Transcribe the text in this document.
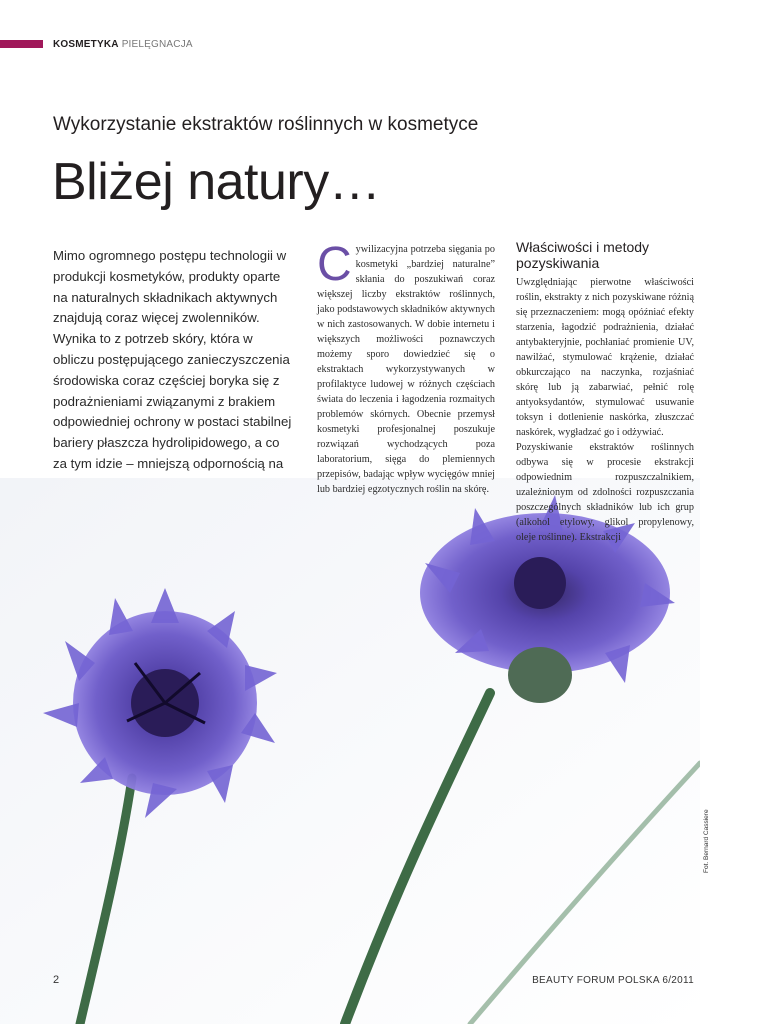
KOSMETYKA PIELĘGNACJA
Wykorzystanie ekstraktów roślinnych w kosmetyce
Bliżej natury…

Mimo ogromnego postępu technologii w produkcji kosmetyków, produkty oparte na naturalnych składnikach aktywnych znajdują coraz więcej zwolenników. Wynika to z potrzeb skóry, która w obliczu postępującego zanieczyszczenia środowiska coraz częściej boryka się z podrażnieniami związanymi z brakiem odpowiedniej ochrony w postaci stabilnej bariery płaszcza hydrolipidowego, a co za tym idzie – mniejszą odpornością na

Cywilizacyjna potrzeba sięgania po kosmetyki „bardziej naturalne” skłania do poszukiwań coraz większej liczby ekstraktów roślinnych, jako podstawowych składników aktywnych w nich zastosowanych. W dobie internetu i większych możliwości poznawczych możemy sporo dowiedzieć się o ekstraktach wykorzystywanych w profilaktyce ludowej w różnych częściach świata do leczenia i łagodzenia rozmaitych problemów skórnych. Obecnie przemysł kosmetyki profesjonalnej poszukuje rozwiązań wychodzących poza laboratorium, sięga do plemiennych przepisów, badając wpływ wycięgów mniej lub bardziej egzotycznych roślin na skórę.
Właściwości i metody pozyskiwania

Uwzględniając pierwotne właściwości roślin, ekstrakty z nich pozyskiwane różnią się przeznaczeniem: mogą opóźniać efekty starzenia, łagodzić podrażnienia, działać antybakteryjnie, pochłaniać promienie UV, nawilżać, stymulować krążenie, działać obkurczająco na naczynka, rozjaśniać skórę lub ją zabarwiać, pełnić rolę antyoksydantów, stymulować usuwanie toksyn i dotlenienie naskórka, złuszczać naskórek, wygładzać go i odżywiać.

Pozyskiwanie ekstraktów roślinnych odbywa się w procesie ekstrakcji odpowiednim rozpuszczalnikiem, uzależnionym od zdolności rozpuszczania poszczególnych składników lub ich grup (alkohol etylowy, glikol propylenowy, oleje roślinne). Ekstrakcji

Fot. Bernard Cassiere
2	BEAUTY FORUM POLSKA 6/2011
